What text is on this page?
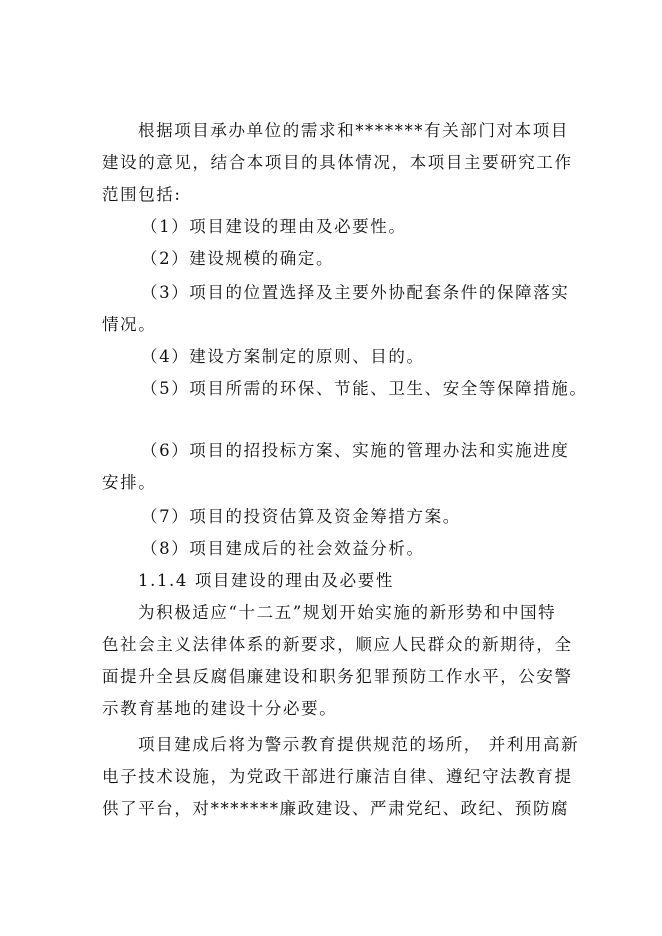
根据项目承办单位的需求和*******有关部门对本项目
建设的意见，结合本项目的具体情况，本项目主要研究工作
范围包括:
（1）项目建设的理由及必要性。
（2）建设规模的确定。
（3）项目的位置选择及主要外协配套条件的保障落实
情况。
（4）建设方案制定的原则、目的。
（5）项目所需的环保、节能、卫生、安全等保障措施。
（6）项目的招投标方案、实施的管理办法和实施进度
安排。
（7）项目的投资估算及资金筹措方案。
（8）项目建成后的社会效益分析。
1.1.4 项目建设的理由及必要性
为积极适应“十二五”规划开始实施的新形势和中国特
色社会主义法律体系的新要求，顺应人民群众的新期待，全
面提升全县反腐倡廉建设和职务犯罪预防工作水平，公安警
示教育基地的建设十分必要。
项目建成后将为警示教育提供规范的场所， 并利用高新
电子技术设施，为党政干部进行廉洁自律、遵纪守法教育提
供了平台，对*******廉政建设、严肃党纪、政纪、预防腐
